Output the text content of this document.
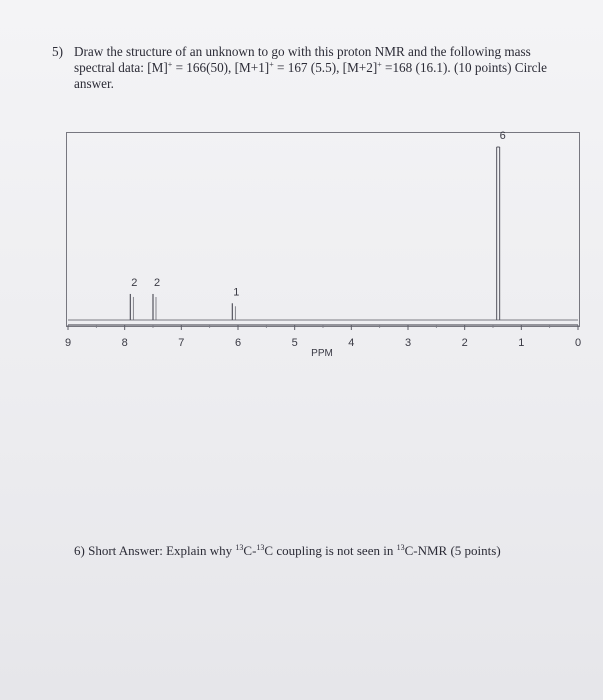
5) Draw the structure of an unknown to go with this proton NMR and the following mass
spectral data: [M]+ = 166(50), [M+1]+ = 167 (5.5), [M+2]+ =168 (16.1). (10 points) Circle
answer.
9	8	7	6	5	4	3	2	1	0
PPM
2 2
1
6
6) Short Answer: Explain why $^{13}$C-$^{13}$C coupling is not seen in $^{13}$C-NMR (5 points)
